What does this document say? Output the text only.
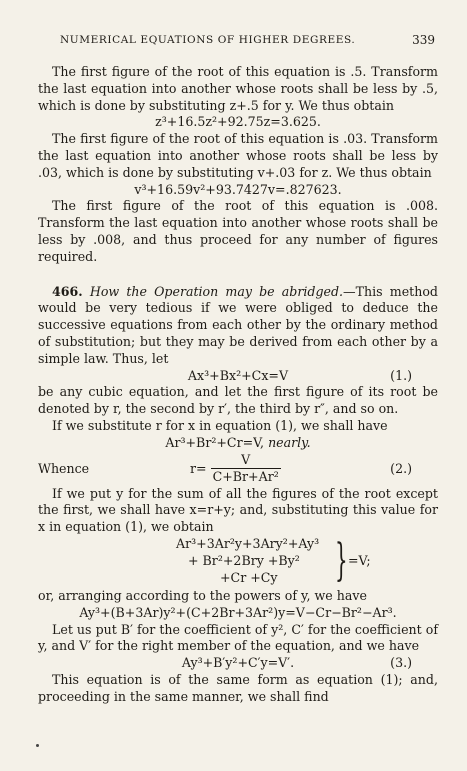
NUMERICAL EQUATIONS OF HIGHER DEGREES.	339

The first figure of the root of this equation is .5. Transform the last equation into another whose roots shall be less by .5, which is done by substituting z+.5 for y. We thus obtain

z³+16.5z²+92.75z=3.625.

The first figure of the root of this equation is .03. Transform the last equation into another whose roots shall be less by .03, which is done by substituting v+.03 for z. We thus obtain

v³+16.59v²+93.7427v=.827623.

The first figure of the root of this equation is .008. Transform the last equation into another whose roots shall be less by .008, and thus proceed for any number of figures required.

466. How the Operation may be abridged.—This method would be very tedious if we were obliged to deduce the successive equations from each other by the ordinary method of substitution; but they may be derived from each other by a simple law. Thus, let

Ax³+Bx²+Cx=V	(1.)

be any cubic equation, and let the first figure of its root be denoted by r, the second by r′, the third by r″, and so on.

If we substitute r for x in equation (1), we shall have

Ar³+Br²+Cr=V, nearly.
Whence	$r= \frac{V}{\text{C+Br+Ar²}}$	(2.)

If we put y for the sum of all the figures of the root except the first, we shall have x=r+y; and, substituting this value for x in equation (1), we obtain

Ar³+3Ar²y+3Ary²+Ay³
+ Br²+2Bry +By²
+Cr +Cy	} =V;

or, arranging according to the powers of y, we have

Ay³+(B+3Ar)y²+(C+2Br+3Ar²)y=V−Cr−Br²−Ar³.

Let us put B′ for the coefficient of y², C′ for the coefficient of y, and V′ for the right member of the equation, and we have

Ay³+B′y²+C′y=V′.	(3.)

This equation is of the same form as equation (1); and, proceeding in the same manner, we shall find
